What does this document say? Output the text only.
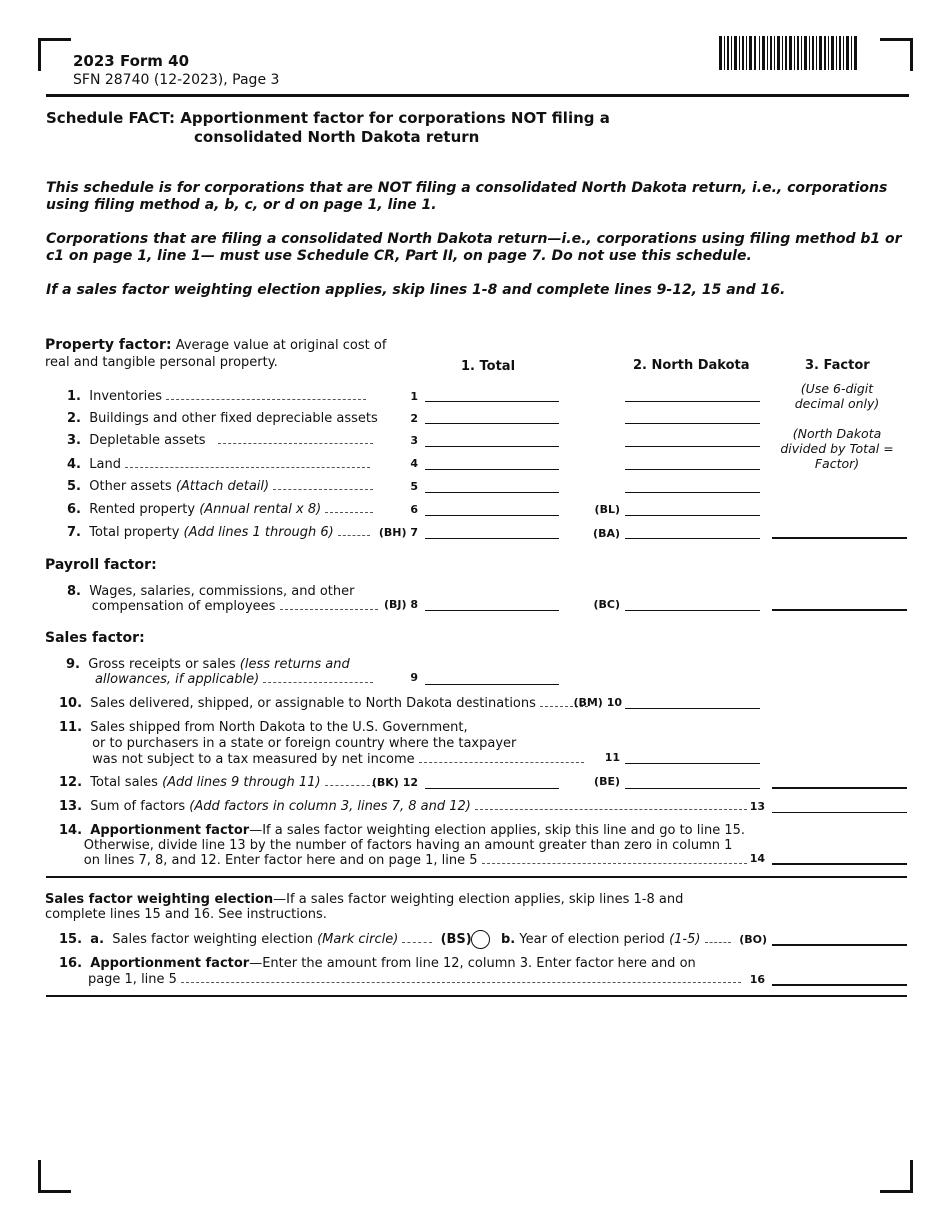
2023 Form 40
SFN 28740 (12-2023), Page 3
Schedule FACT: Apportionment factor for corporations NOT filing a
consolidated North Dakota return
This schedule is for corporations that are NOT filing a consolidated North Dakota return, i.e., corporations using filing method a, b, c, or d on page 1, line 1.
Corporations that are filing a consolidated North Dakota return—i.e., corporations using filing method b1 or c1 on page 1, line 1— must use Schedule CR, Part II, on page 7. Do not use this schedule.
If a sales factor weighting election applies, skip lines 1-8 and complete lines 9-12, 15 and 16.
Property factor: Average value at original cost of
real and tangible personal property.	1. Total	2. North Dakota	3. Factor
(Use 6-digit decimal only)
(North Dakota divided by Total = Factor)
1. Inventories	1
2. Buildings and other fixed depreciable assets	2
3. Depletable assets	3
4. Land	4
5. Other assets (Attach detail)	5
6. Rented property (Annual rental x 8)	6	(BL)
7. Total property (Add lines 1 through 6)	(BH) 7	(BA)
Payroll factor:
8. Wages, salaries, commissions, and other
compensation of employees	(BJ) 8	(BC)
Sales factor:
9. Gross receipts or sales (less returns and
allowances, if applicable)	9
10. Sales delivered, shipped, or assignable to North Dakota destinations	(BM) 10
11. Sales shipped from North Dakota to the U.S. Government,
or to purchasers in a state or foreign country where the taxpayer
was not subject to a tax measured by net income	11
12. Total sales (Add lines 9 through 11)	(BK) 12	(BE)
13. Sum of factors (Add factors in column 3, lines 7, 8 and 12)	13
14. Apportionment factor—If a sales factor weighting election applies, skip this line and go to line 15.
Otherwise, divide line 13 by the number of factors having an amount greater than zero in column 1
on lines 7, 8, and 12. Enter factor here and on page 1, line 5	14
Sales factor weighting election—If a sales factor weighting election applies, skip lines 1-8 and
complete lines 15 and 16. See instructions.
15. a. Sales factor weighting election (Mark circle)	(BS) b. Year of election period (1-5)	(BO)
16. Apportionment factor—Enter the amount from line 12, column 3. Enter factor here and on
page 1, line 5	16
